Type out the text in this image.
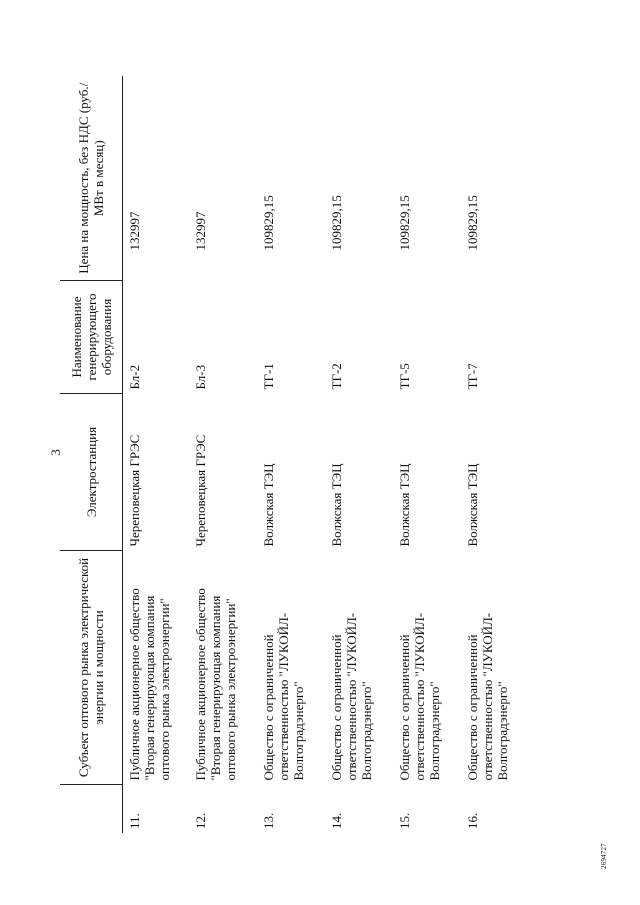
3
	Субъект оптового рынка электрической энергии и мощности	Электростанция	Наименование генерирующего оборудования	Цена на мощность, без НДС (руб./МВт в месяц)
11.	Публичное акционерное общество "Вторая генерирующая компания оптового рынка электроэнергии"	Череповецкая ГРЭС	Бл-2	132997
12.	Публичное акционерное общество "Вторая генерирующая компания оптового рынка электроэнергии"	Череповецкая ГРЭС	Бл-3	132997
13.	Общество с ограниченной ответственностью "ЛУКОЙЛ-Волгоградэнерго"	Волжская ТЭЦ	ТГ-1	109829,15
14.	Общество с ограниченной ответственностью "ЛУКОЙЛ-Волгоградэнерго"	Волжская ТЭЦ	ТГ-2	109829,15
15.	Общество с ограниченной ответственностью "ЛУКОЙЛ-Волгоградэнерго"	Волжская ТЭЦ	ТГ-5	109829,15
16.	Общество с ограниченной ответственностью "ЛУКОЙЛ-Волгоградэнерго"	Волжская ТЭЦ	ТГ-7	109829,15
2694727
